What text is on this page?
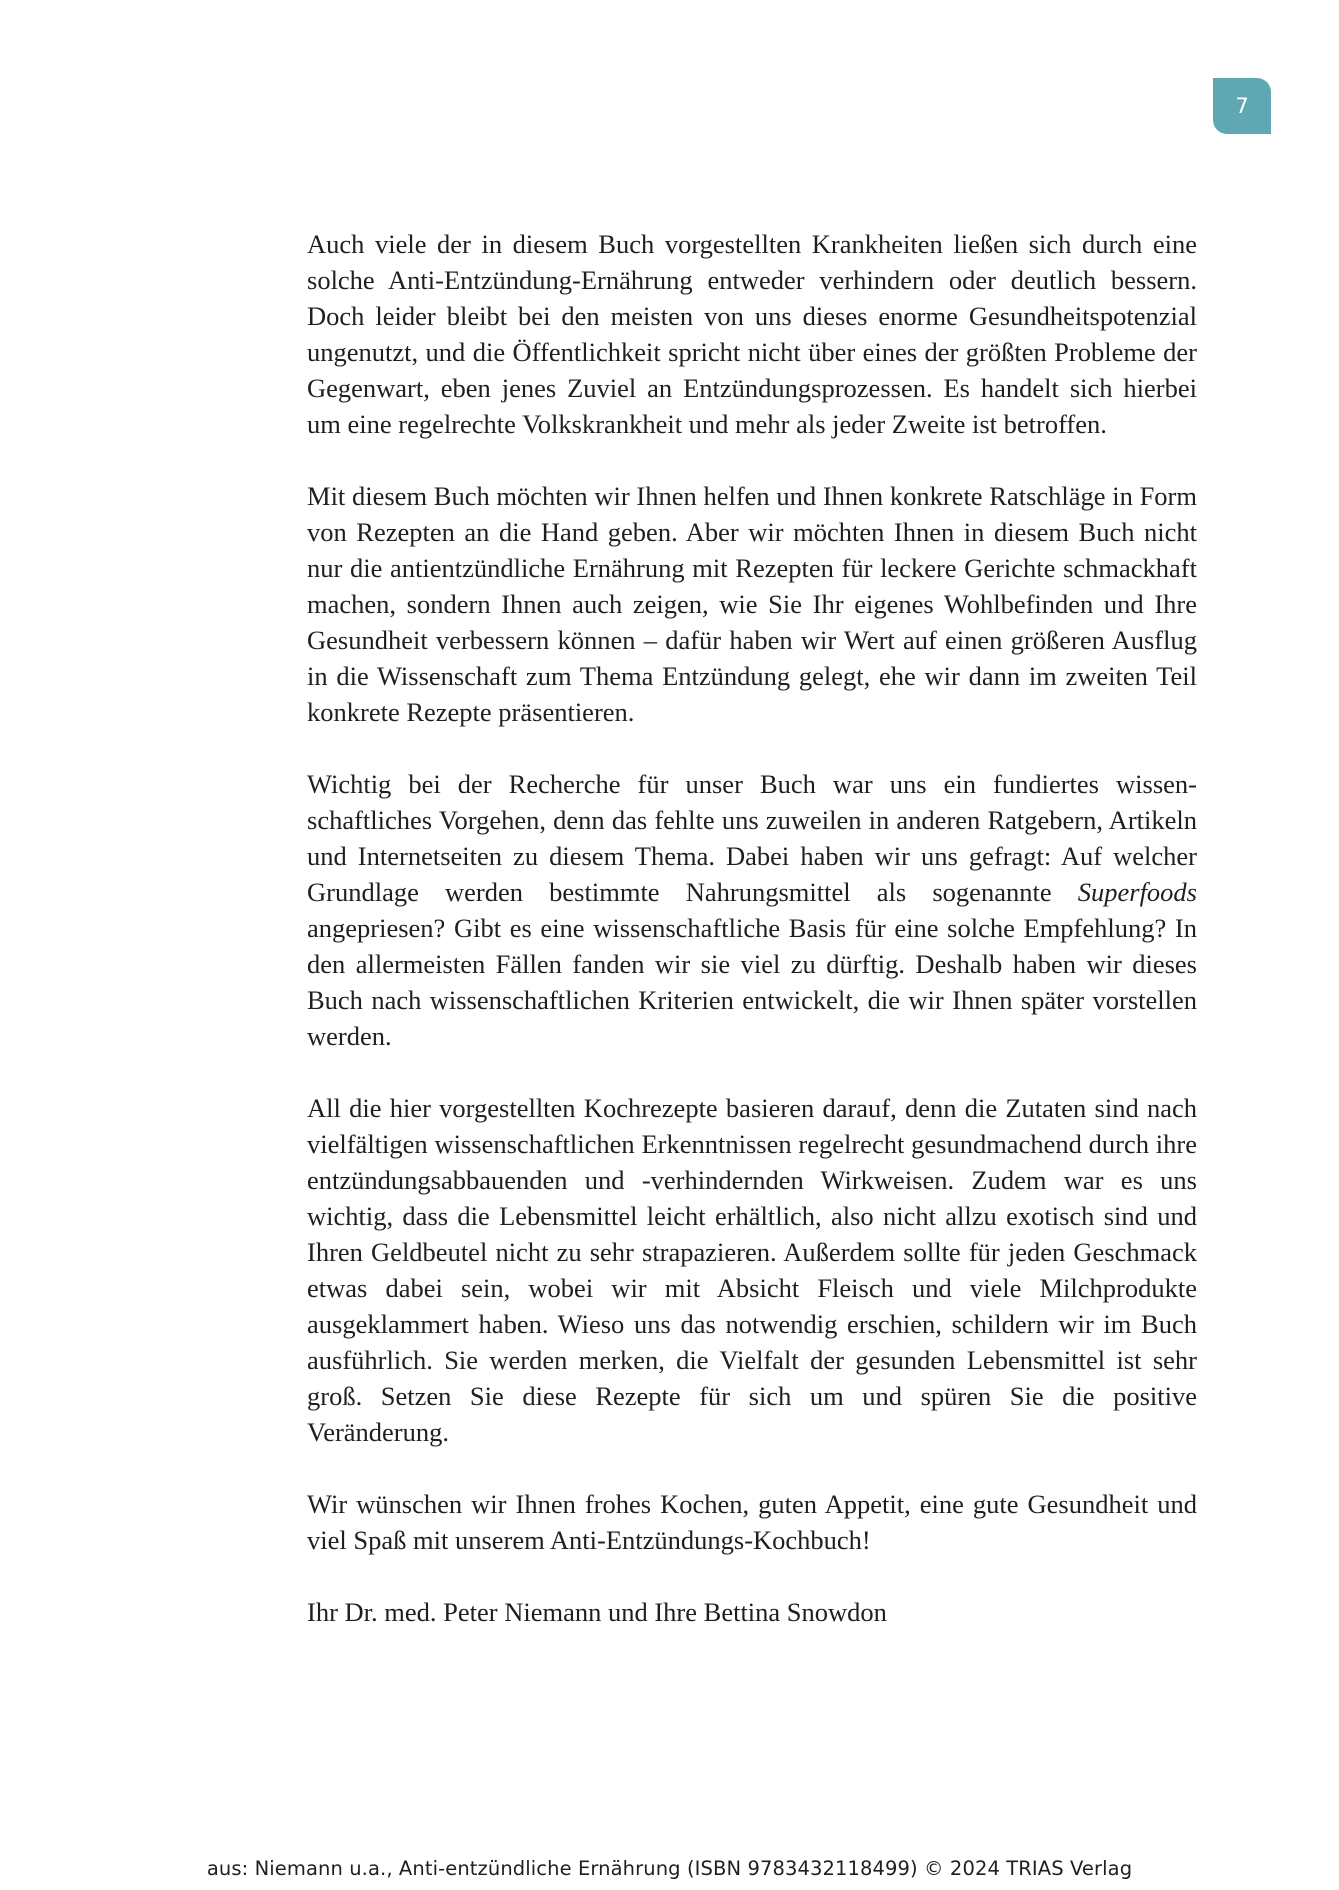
7

Auch viele der in diesem Buch vorgestellten Krankheiten ließen sich durch eine solche Anti-Entzündung-Ernährung entweder verhindern oder deutlich bessern. Doch leider bleibt bei den meisten von uns dieses enorme Gesundheitspotenzial ungenutzt, und die Öffentlichkeit spricht nicht über eines der größten Probleme der Gegenwart, eben jenes Zuviel an Entzündungsprozessen. Es handelt sich hierbei um eine regelrechte Volkskrankheit und mehr als jeder Zweite ist betroffen.

Mit diesem Buch möchten wir Ihnen helfen und Ihnen konkrete Ratschläge in Form von Rezepten an die Hand geben. Aber wir möchten Ihnen in diesem Buch nicht nur die antientzündliche Ernährung mit Rezepten für leckere Gerichte schmackhaft machen, sondern Ihnen auch zeigen, wie Sie Ihr eigenes Wohlbefinden und Ihre Gesundheit verbessern können – dafür haben wir Wert auf einen größeren Ausflug in die Wissenschaft zum Thema Entzündung gelegt, ehe wir dann im zweiten Teil konkrete Rezepte präsentieren.

Wichtig bei der Recherche für unser Buch war uns ein fundiertes wissenschaftliches Vorgehen, denn das fehlte uns zuweilen in anderen Ratgebern, Artikeln und Internetseiten zu diesem Thema. Dabei haben wir uns gefragt: Auf welcher Grundlage werden bestimmte Nahrungsmittel als sogenannte Superfoods angepriesen? Gibt es eine wissenschaftliche Basis für eine solche Empfehlung? In den allermeisten Fällen fanden wir sie viel zu dürftig. Deshalb haben wir dieses Buch nach wissenschaftlichen Kriterien entwickelt, die wir Ihnen später vorstellen werden.

All die hier vorgestellten Kochrezepte basieren darauf, denn die Zutaten sind nach vielfältigen wissenschaftlichen Erkenntnissen regelrecht gesundmachend durch ihre entzündungsabbauenden und -verhindernden Wirkweisen. Zudem war es uns wichtig, dass die Lebensmittel leicht erhältlich, also nicht allzu exotisch sind und Ihren Geldbeutel nicht zu sehr strapazieren. Außerdem sollte für jeden Geschmack etwas dabei sein, wobei wir mit Absicht Fleisch und viele Milchprodukte ausgeklammert haben. Wieso uns das notwendig erschien, schildern wir im Buch ausführlich. Sie werden merken, die Vielfalt der gesunden Lebensmittel ist sehr groß. Setzen Sie diese Rezepte für sich um und spüren Sie die positive Veränderung.

Wir wünschen wir Ihnen frohes Kochen, guten Appetit, eine gute Gesundheit und viel Spaß mit unserem Anti-Entzündungs-Kochbuch!

Ihr Dr. med. Peter Niemann und Ihre Bettina Snowdon

aus: Niemann u.a., Anti-entzündliche Ernährung (ISBN 9783432118499) © 2024 TRIAS Verlag
